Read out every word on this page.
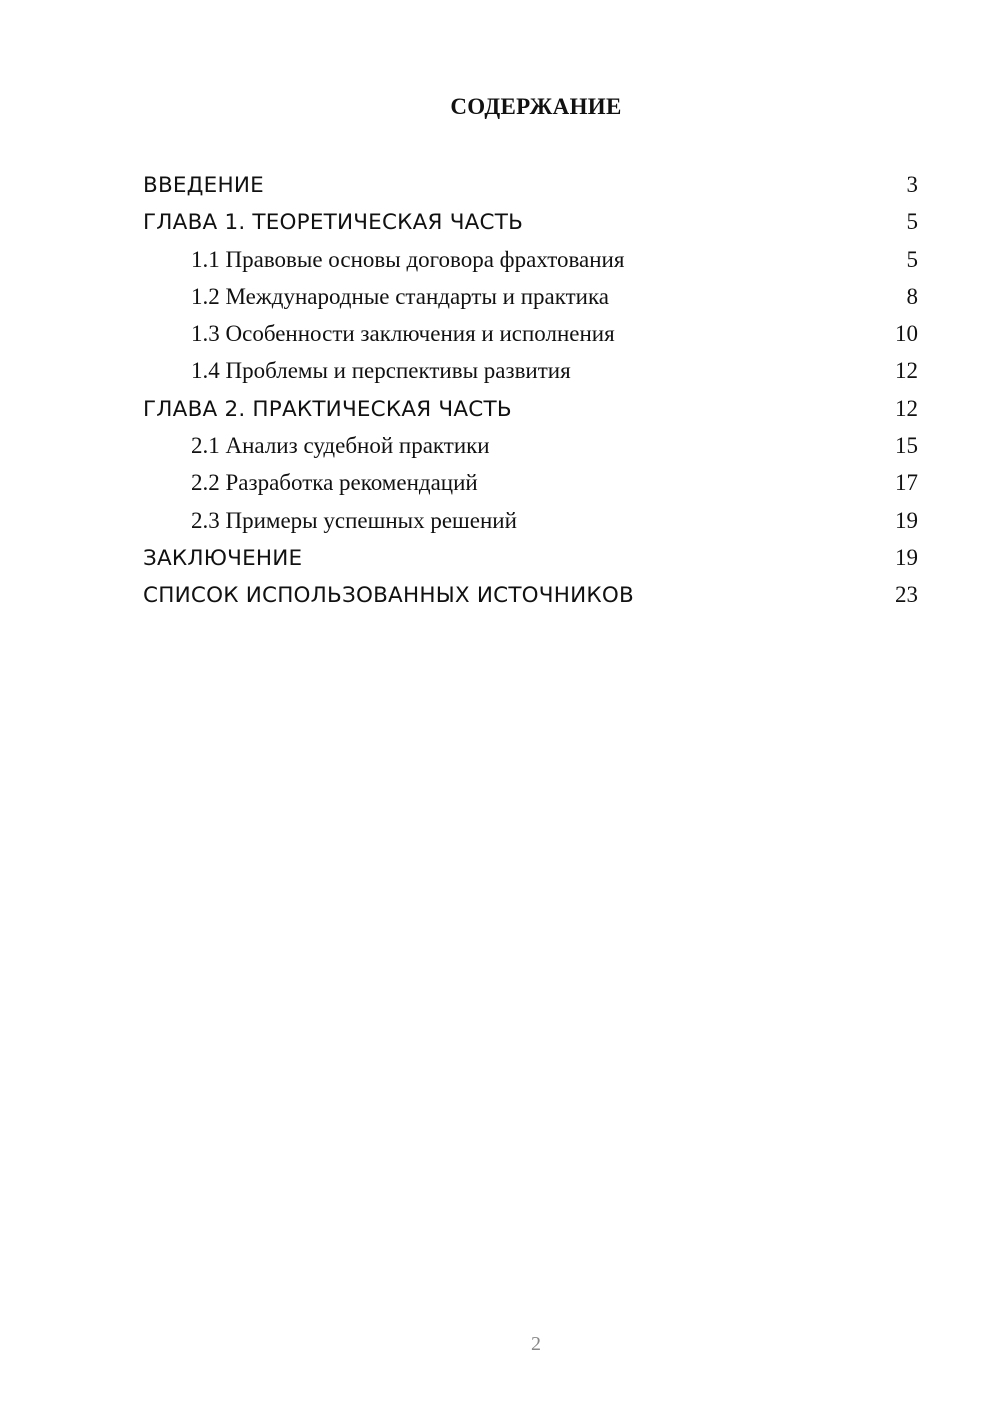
СОДЕРЖАНИЕ
ВВЕДЕНИЕ	3
ГЛАВА 1. ТЕОРЕТИЧЕСКАЯ ЧАСТЬ	5
1.1 Правовые основы договора фрахтования	5
1.2 Международные стандарты и практика	8
1.3 Особенности заключения и исполнения	10
1.4 Проблемы и перспективы развития	12
ГЛАВА 2. ПРАКТИЧЕСКАЯ ЧАСТЬ	12
2.1 Анализ судебной практики	15
2.2 Разработка рекомендаций	17
2.3 Примеры успешных решений	19
ЗАКЛЮЧЕНИЕ	19
СПИСОК ИСПОЛЬЗОВАННЫХ ИСТОЧНИКОВ	23
2
